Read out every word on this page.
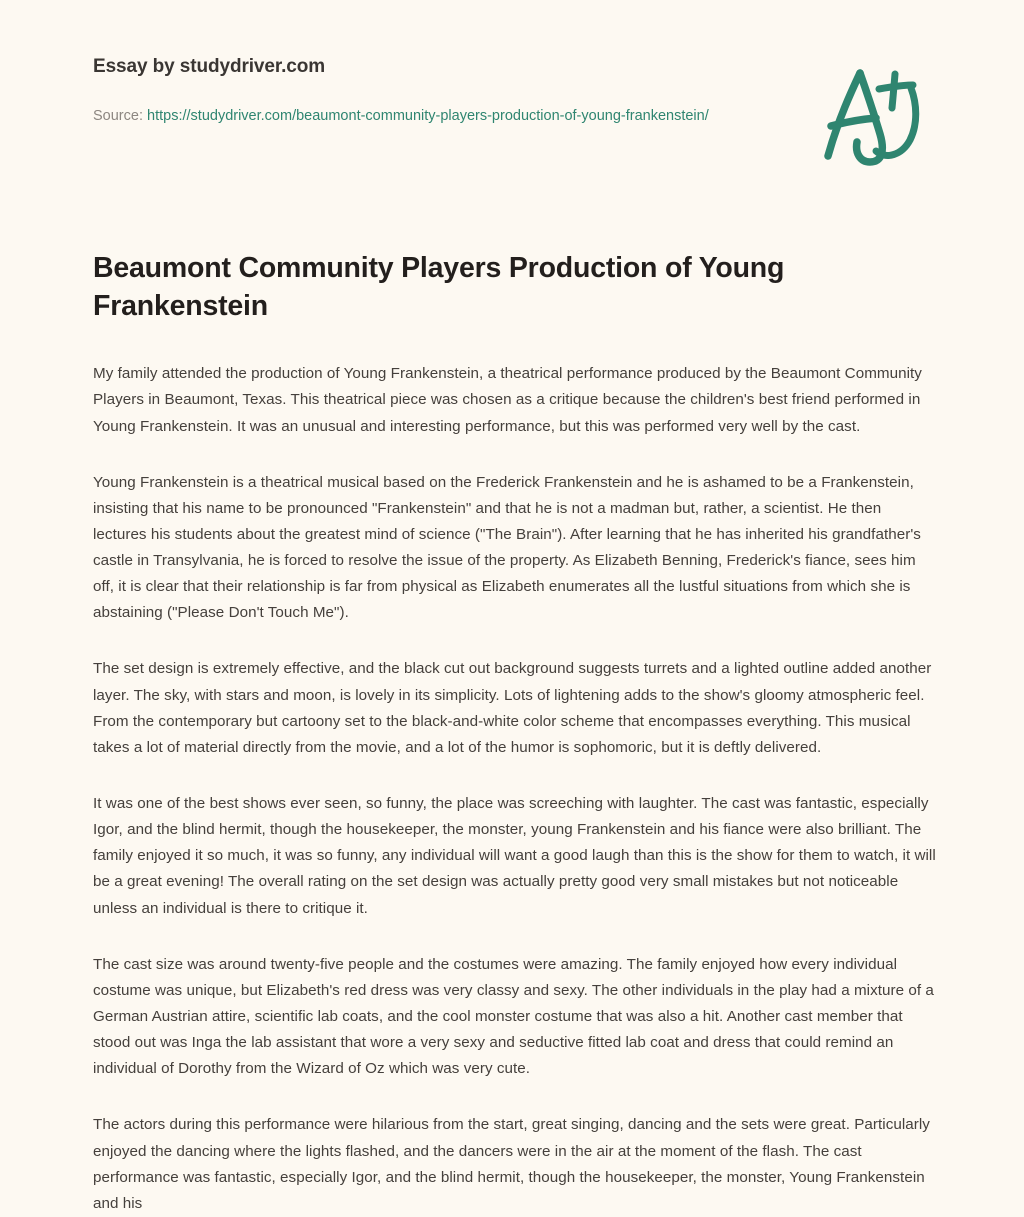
Essay by studydriver.com

Source: https://studydriver.com/beaumont-community-players-production-of-young-frankenstein/
Beaumont Community Players Production of Young Frankenstein

My family attended the production of Young Frankenstein, a theatrical performance produced by the Beaumont Community Players in Beaumont, Texas. This theatrical piece was chosen as a critique because the children's best friend performed in Young Frankenstein. It was an unusual and interesting performance, but this was performed very well by the cast.

Young Frankenstein is a theatrical musical based on the Frederick Frankenstein and he is ashamed to be a Frankenstein, insisting that his name to be pronounced "Frankenstein" and that he is not a madman but, rather, a scientist. He then lectures his students about the greatest mind of science ("The Brain"). After learning that he has inherited his grandfather's castle in Transylvania, he is forced to resolve the issue of the property. As Elizabeth Benning, Frederick's fiance, sees him off, it is clear that their relationship is far from physical as Elizabeth enumerates all the lustful situations from which she is abstaining ("Please Don't Touch Me").

The set design is extremely effective, and the black cut out background suggests turrets and a lighted outline added another layer. The sky, with stars and moon, is lovely in its simplicity. Lots of lightening adds to the show's gloomy atmospheric feel. From the contemporary but cartoony set to the black-and-white color scheme that encompasses everything. This musical takes a lot of material directly from the movie, and a lot of the humor is sophomoric, but it is deftly delivered.

It was one of the best shows ever seen, so funny, the place was screeching with laughter. The cast was fantastic, especially Igor, and the blind hermit, though the housekeeper, the monster, young Frankenstein and his fiance were also brilliant. The family enjoyed it so much, it was so funny, any individual will want a good laugh than this is the show for them to watch, it will be a great evening! The overall rating on the set design was actually pretty good very small mistakes but not noticeable unless an individual is there to critique it.

The cast size was around twenty-five people and the costumes were amazing. The family enjoyed how every individual costume was unique, but Elizabeth's red dress was very classy and sexy. The other individuals in the play had a mixture of a German Austrian attire, scientific lab coats, and the cool monster costume that was also a hit. Another cast member that stood out was Inga the lab assistant that wore a very sexy and seductive fitted lab coat and dress that could remind an individual of Dorothy from the Wizard of Oz which was very cute.

The actors during this performance were hilarious from the start, great singing, dancing and the sets were great. Particularly enjoyed the dancing where the lights flashed, and the dancers were in the air at the moment of the flash. The cast performance was fantastic, especially Igor, and the blind hermit, though the housekeeper, the monster, Young Frankenstein and his
